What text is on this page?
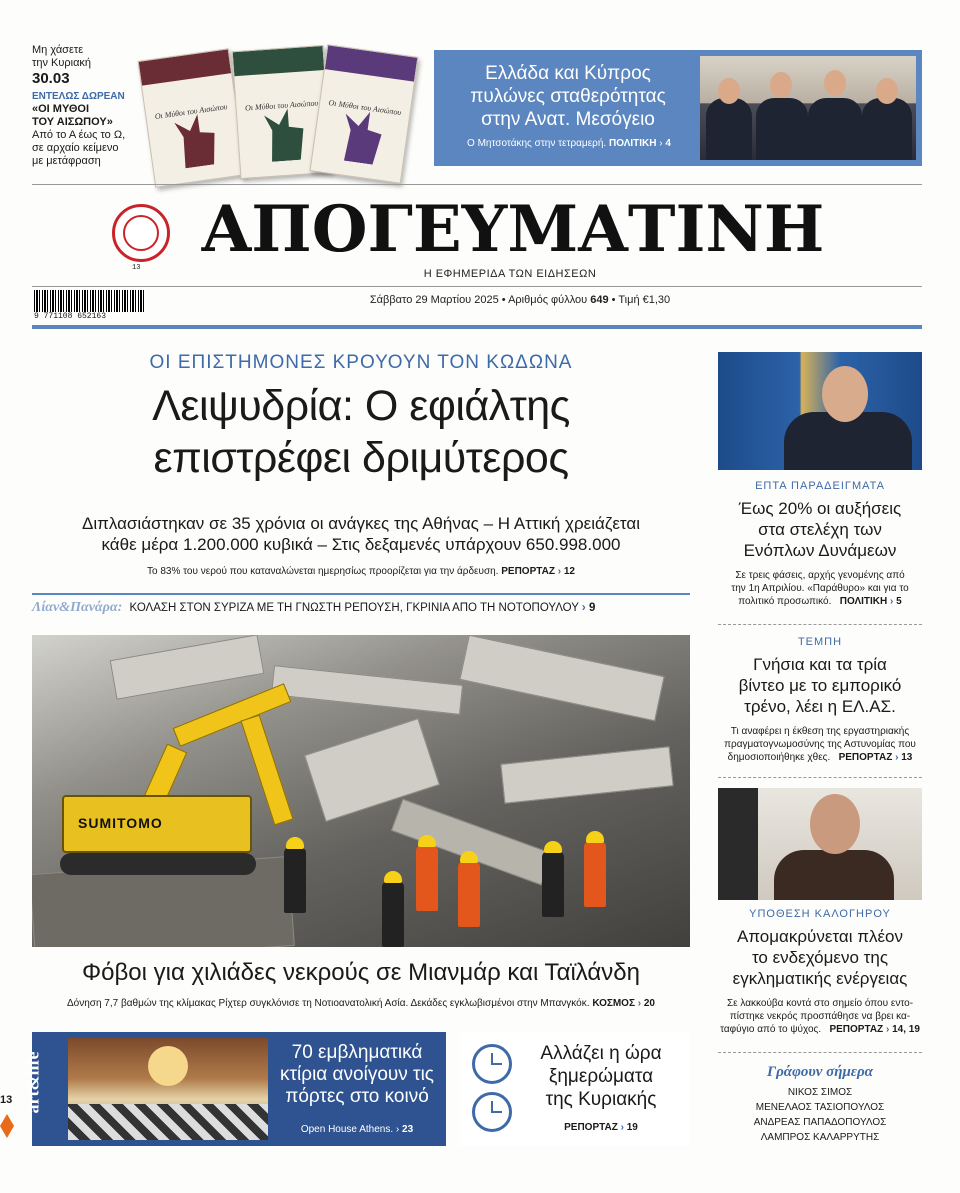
Μη χάσετε
την Κυριακή
30.03
ΕΝΤΕΛΩΣ ΔΩΡΕΑΝ
«ΟΙ ΜΥΘΟΙ
ΤΟΥ ΑΙΣΩΠΟΥ»
Από το Α έως το Ω,
σε αρχαίο κείμενο
με μετάφραση
Οι Μύθοι του Αισώπου	Οι Μύθοι του Αισώπου	Οι Μύθοι του Αισώπου
Ελλάδα και Κύπρος
πυλώνες σταθερότητας
στην Ανατ. Μεσόγειο
Ο Μητσοτάκης στην τετραμερή. ΠΟΛΙΤΙΚΗ › 4
ΑΠΟΓΕΥΜΑΤΙΝΗ
Η ΕΦΗΜΕΡΙΔΑ ΤΩΝ ΕΙΔΗΣΕΩΝ
9 771108 652163
13
Σάββατο 29 Μαρτίου 2025 • Αριθμός φύλλου 649 • Τιμή €1,30
ΟΙ ΕΠΙΣΤΗΜΟΝΕΣ ΚΡΟΥΟΥΝ ΤΟΝ ΚΩΔΩΝΑ
Λειψυδρία: Ο εφιάλτης
επιστρέφει δριμύτερος
Διπλασιάστηκαν σε 35 χρόνια οι ανάγκες της Αθήνας – Η Αττική χρειάζεται
κάθε μέρα 1.200.000 κυβικά – Στις δεξαμενές υπάρχουν 650.998.000
Το 83% του νερού που καταναλώνεται ημερησίως προορίζεται για την άρδευση. ΡΕΠΟΡΤΑΖ › 12
Λίαν&Πανάρα: ΚΟΛΑΣΗ ΣΤΟΝ ΣΥΡΙΖΑ ΜΕ ΤΗ ΓΝΩΣΤΗ ΡΕΠΟΥΣΗ, ΓΚΡΙΝΙΑ ΑΠΟ ΤΗ ΝΟΤΟΠΟΥΛΟΥ › 9
SUMITOMO
Φόβοι για χιλιάδες νεκρούς σε Μιανμάρ και Ταϊλάνδη
Δόνηση 7,7 βαθμών της κλίμακας Ρίχτερ συγκλόνισε τη Νοτιοανατολική Ασία. Δεκάδες εγκλωβισμένοι στην Μπανγκόκ. ΚΟΣΜΟΣ › 20
art&life	70 εμβληματικά
κτίρια ανοίγουν τις
πόρτες στο κοινό
Open House Athens. › 23
Αλλάζει η ώρα
ξημερώματα
της Κυριακής
ΡΕΠΟΡΤΑΖ › 19
ΕΠΤΑ ΠΑΡΑΔΕΙΓΜΑΤΑ
Έως 20% οι αυξήσεις
στα στελέχη των
Ενόπλων Δυνάμεων
Σε τρεις φάσεις, αρχής γενομένης από
την 1η Απριλίου. «Παράθυρο» και για το
πολιτικό προσωπικό. ΠΟΛΙΤΙΚΗ › 5
ΤΕΜΠΗ
Γνήσια και τα τρία
βίντεο με το εμπορικό
τρένο, λέει η ΕΛ.ΑΣ.
Τι αναφέρει η έκθεση της εργαστηριακής
πραγματογνωμοσύνης της Αστυνομίας που
δημοσιοποιήθηκε χθες. ΡΕΠΟΡΤΑΖ › 13
ΥΠΟΘΕΣΗ ΚΑΛΟΓΗΡΟΥ
Απομακρύνεται πλέον
το ενδεχόμενο της
εγκληματικής ενέργειας
Σε λακκούβα κοντά στο σημείο όπου εντο-
πίστηκε νεκρός προσπάθησε να βρει κα-
ταφύγιο από το ψύχος. ΡΕΠΟΡΤΑΖ › 14, 19
Γράφουν σήμερα
ΝΙΚΟΣ ΣΙΜΟΣ
ΜΕΝΕΛΑΟΣ ΤΑΣΙΟΠΟΥΛΟΣ
ΑΝΔΡΕΑΣ ΠΑΠΑΔΟΠΟΥΛΟΣ
ΛΑΜΠΡΟΣ ΚΑΛΑΡΡΥΤΗΣ
13
